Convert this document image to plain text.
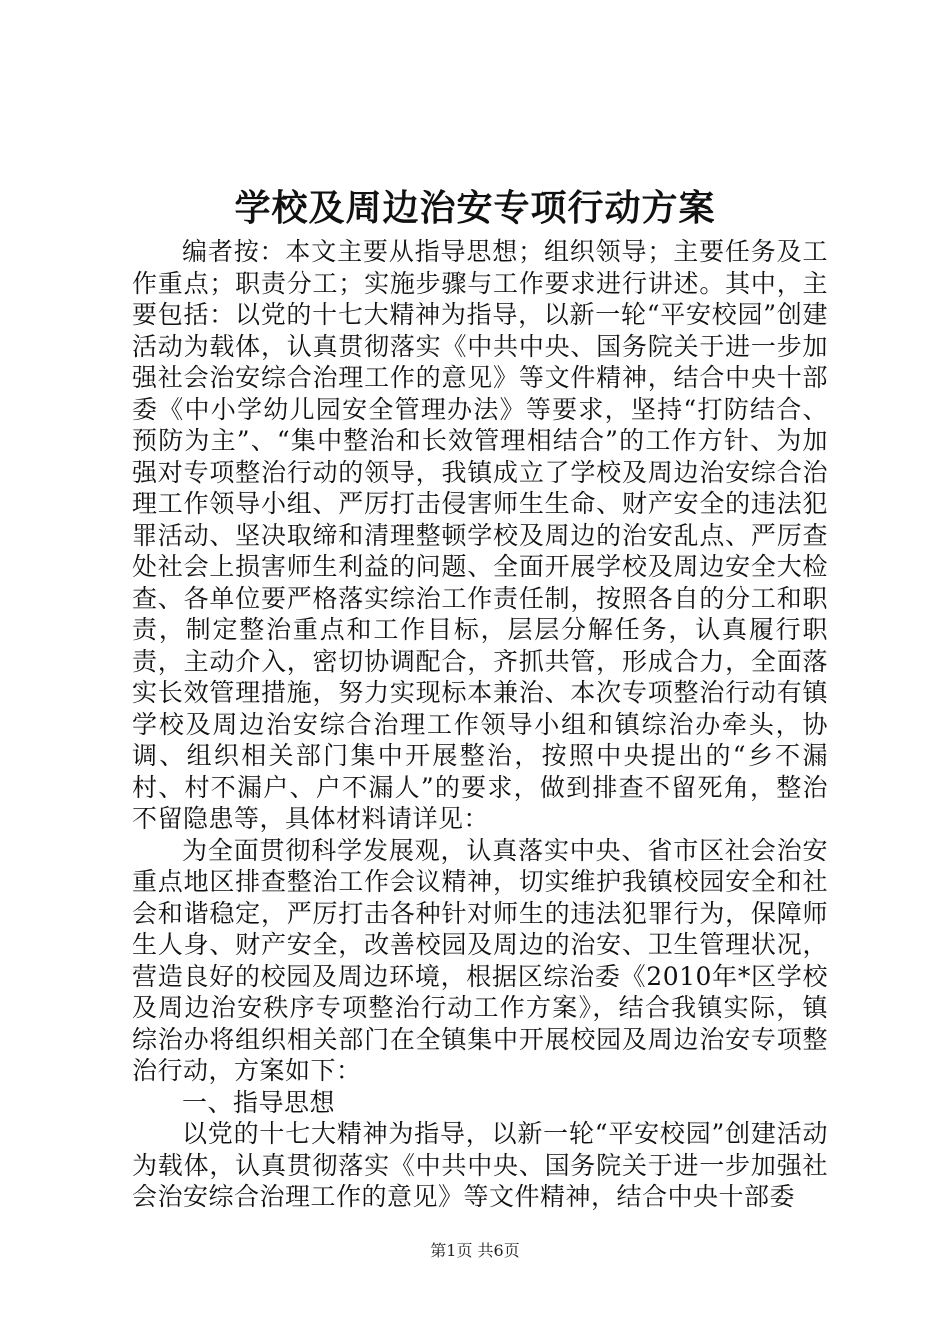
学校及周边治安专项行动方案

编者按：本文主要从指导思想；组织领导；主要任务及工作重点；职责分工；实施步骤与工作要求进行讲述。其中，主要包括：以党的十七大精神为指导，以新一轮“平安校园”创建活动为载体，认真贯彻落实《中共中央、国务院关于进一步加强社会治安综合治理工作的意见》等文件精神，结合中央十部委《中小学幼儿园安全管理办法》等要求，坚持“打防结合、预防为主”、“集中整治和长效管理相结合”的工作方针、为加强对专项整治行动的领导，我镇成立了学校及周边治安综合治理工作领导小组、严厉打击侵害师生生命、财产安全的违法犯罪活动、坚决取缔和清理整顿学校及周边的治安乱点、严厉查处社会上损害师生利益的问题、全面开展学校及周边安全大检查、各单位要严格落实综治工作责任制，按照各自的分工和职责，制定整治重点和工作目标，层层分解任务，认真履行职责，主动介入，密切协调配合，齐抓共管，形成合力，全面落实长效管理措施，努力实现标本兼治、本次专项整治行动有镇学校及周边治安综合治理工作领导小组和镇综治办牵头，协调、组织相关部门集中开展整治，按照中央提出的“乡不漏村、村不漏户、户不漏人”的要求，做到排查不留死角，整治不留隐患等，具体材料请详见：

为全面贯彻科学发展观，认真落实中央、省市区社会治安重点地区排查整治工作会议精神，切实维护我镇校园安全和社会和谐稳定，严厉打击各种针对师生的违法犯罪行为，保障师生人身、财产安全，改善校园及周边的治安、卫生管理状况，营造良好的校园及周边环境，根据区综治委《2010年*区学校及周边治安秩序专项整治行动工作方案》，结合我镇实际，镇综治办将组织相关部门在全镇集中开展校园及周边治安专项整治行动，方案如下：

一、指导思想

以党的十七大精神为指导，以新一轮“平安校园”创建活动为载体，认真贯彻落实《中共中央、国务院关于进一步加强社会治安综合治理工作的意见》等文件精神，结合中央十部委

第1页 共6页
